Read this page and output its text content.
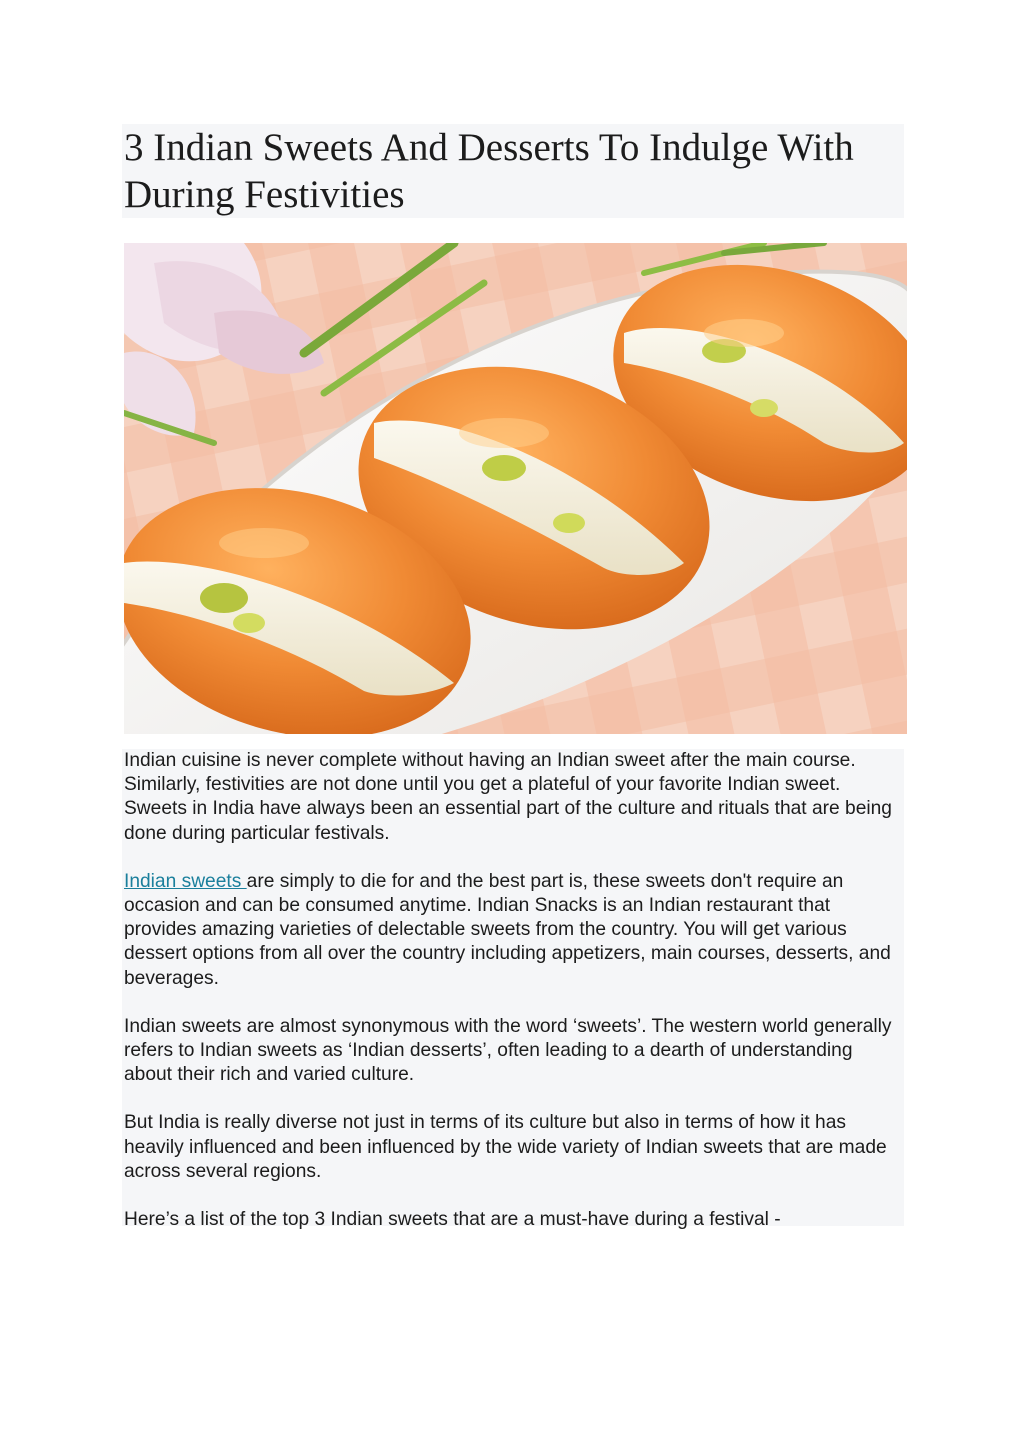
3 Indian Sweets And Desserts To Indulge With During Festivities

Indian cuisine is never complete without having an Indian sweet after the main course. Similarly, festivities are not done until you get a plateful of your favorite Indian sweet. Sweets in India have always been an essential part of the culture and rituals that are being done during particular festivals.

Indian sweets are simply to die for and the best part is, these sweets don't require an occasion and can be consumed anytime. Indian Snacks is an Indian restaurant that provides amazing varieties of delectable sweets from the country. You will get various dessert options from all over the country including appetizers, main courses, desserts, and beverages.

Indian sweets are almost synonymous with the word ‘sweets’. The western world generally refers to Indian sweets as ‘Indian desserts’, often leading to a dearth of understanding about their rich and varied culture.

But India is really diverse not just in terms of its culture but also in terms of how it has heavily influenced and been influenced by the wide variety of Indian sweets that are made across several regions.

Here’s a list of the top 3 Indian sweets that are a must-have during a festival -
